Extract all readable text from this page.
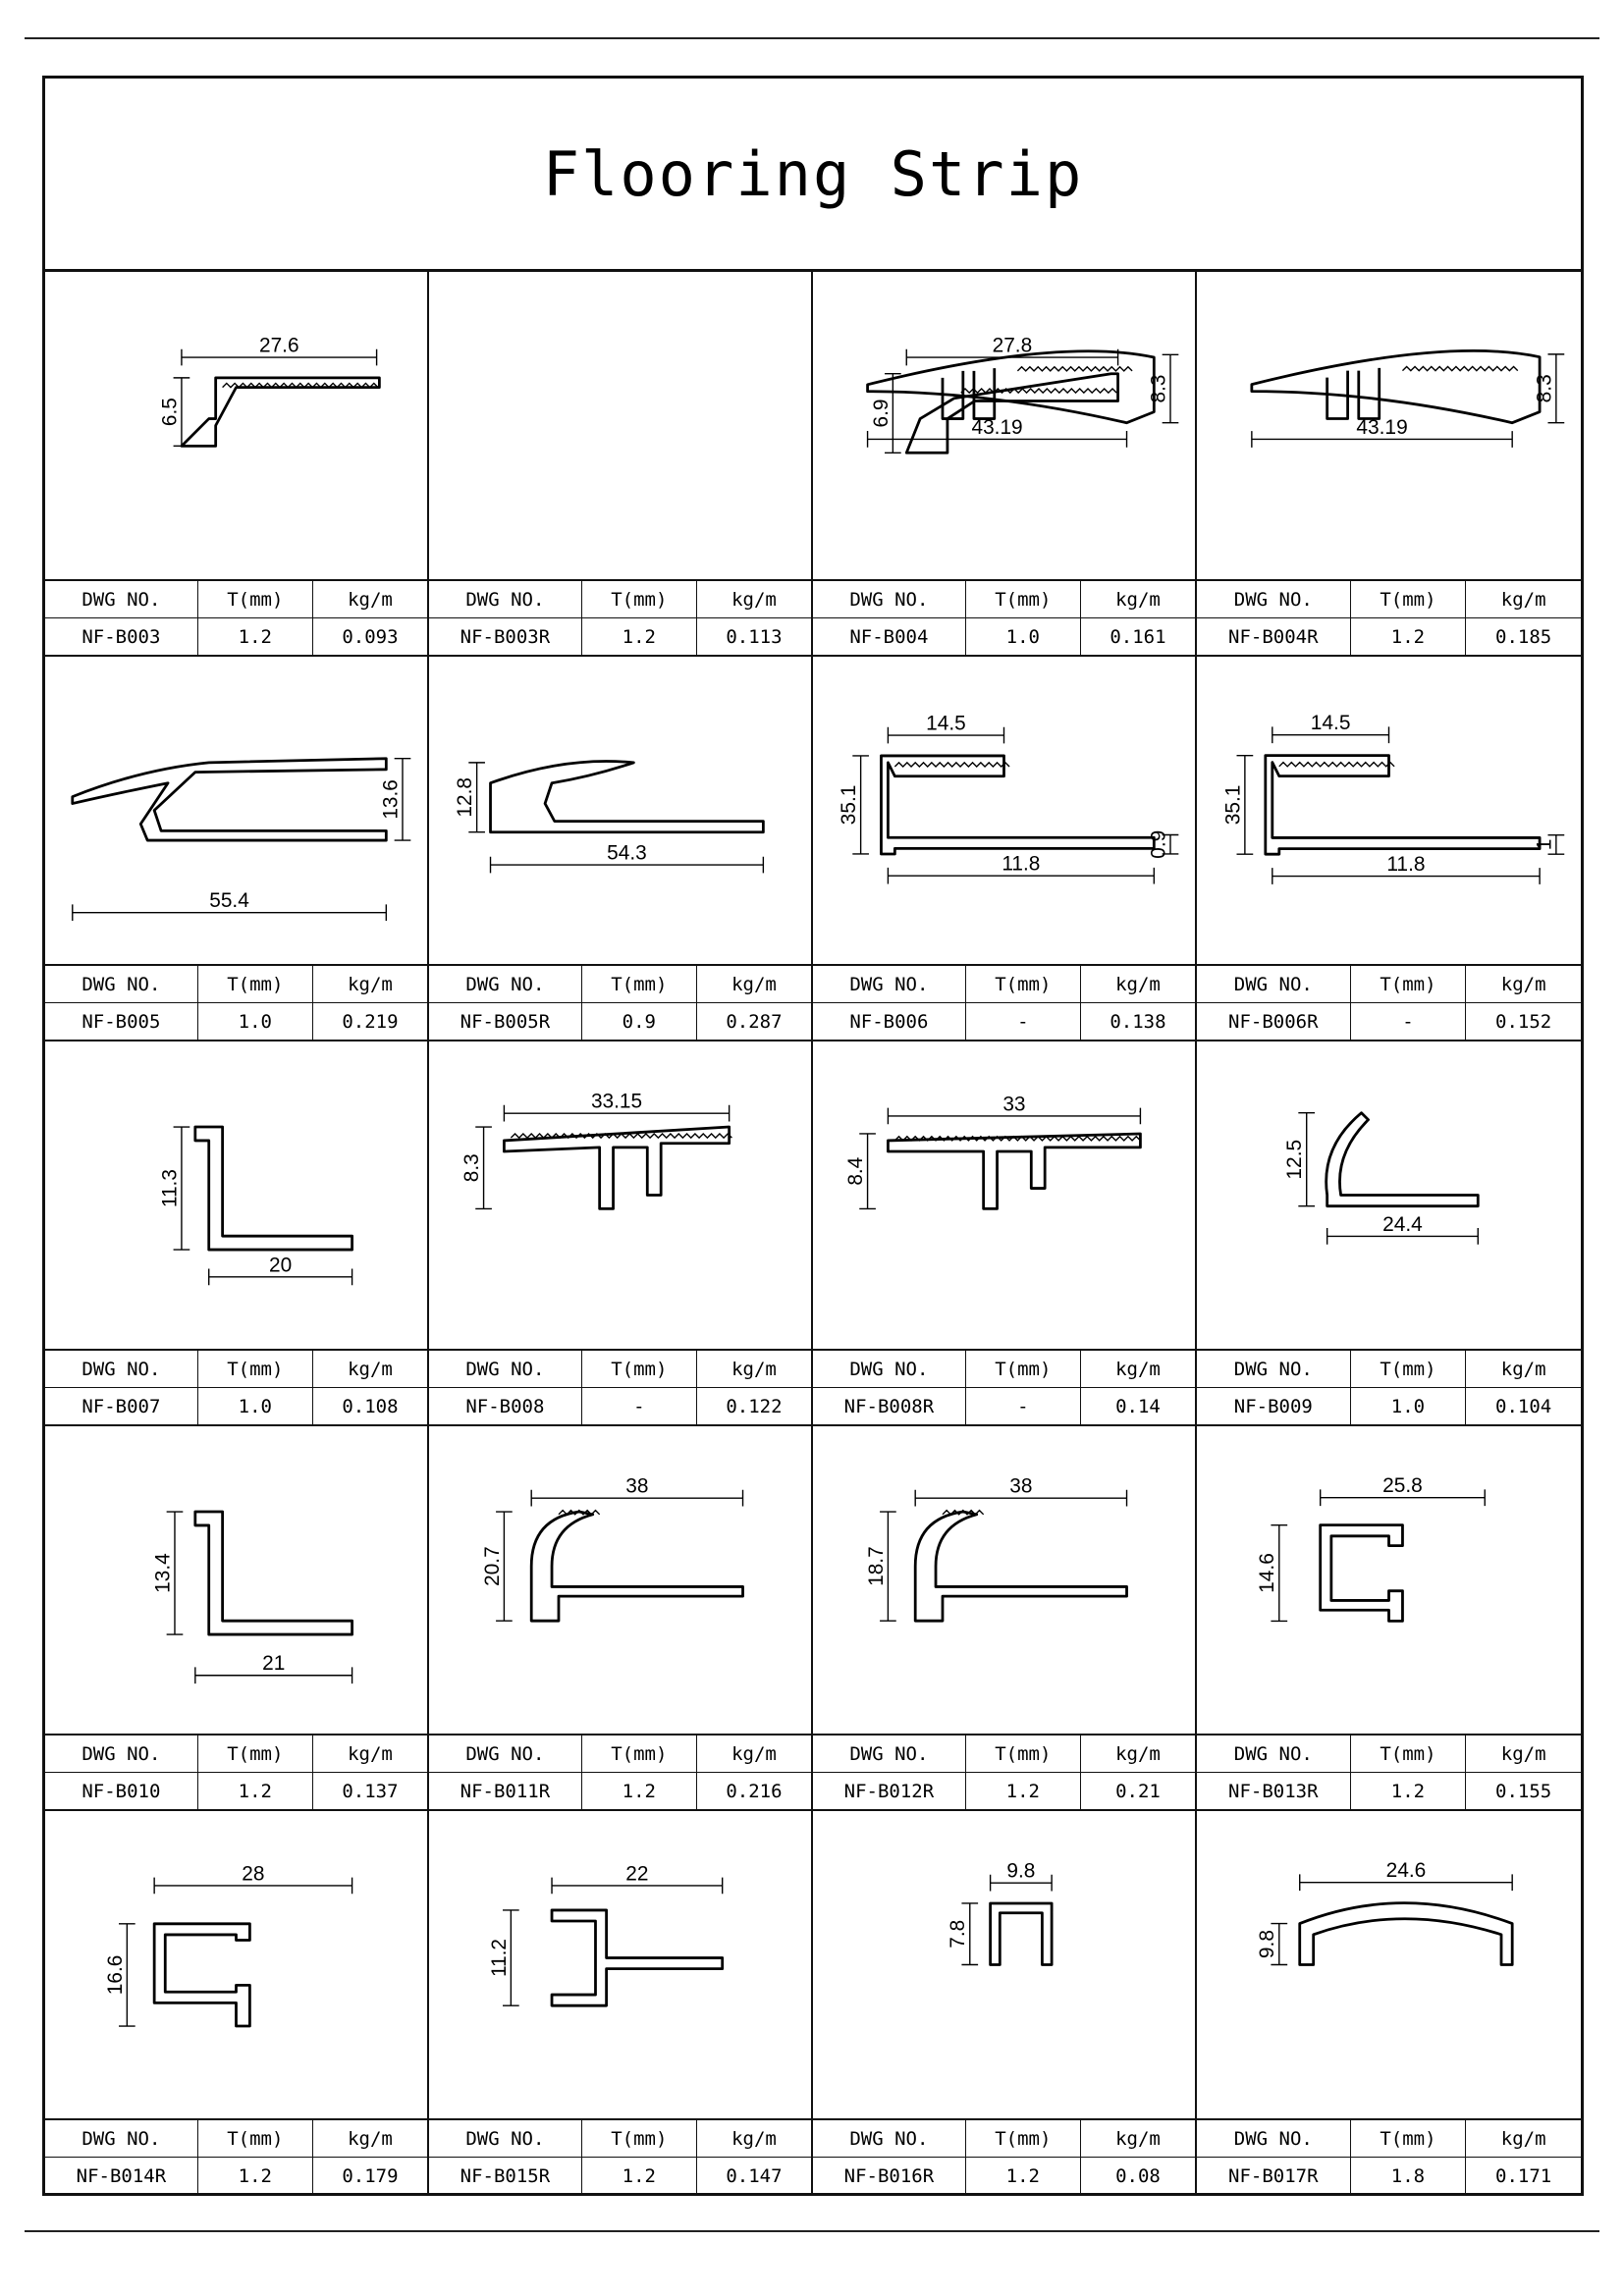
Flooring Strip
27.6
6.5
DWG NO.	T(mm)	kg/m
NF-B003	1.2	0.093
27.8
6.9
DWG NO.	T(mm)	kg/m
NF-B003R	1.2	0.113
43.19
8.3
DWG NO.	T(mm)	kg/m
NF-B004	1.0	0.161
43.19
8.3
DWG NO.	T(mm)	kg/m
NF-B004R	1.2	0.185
55.4
13.6
DWG NO.	T(mm)	kg/m
NF-B005	1.0	0.219
54.3
12.8
DWG NO.	T(mm)	kg/m
NF-B005R	0.9	0.287
14.5
11.8
35.1
0.9
DWG NO.	T(mm)	kg/m
NF-B006	-	0.138
14.5
11.8
35.1
1
DWG NO.	T(mm)	kg/m
NF-B006R	-	0.152
20
11.3
DWG NO.	T(mm)	kg/m
NF-B007	1.0	0.108
33.15
8.3
DWG NO.	T(mm)	kg/m
NF-B008	-	0.122
33
8.4
DWG NO.	T(mm)	kg/m
NF-B008R	-	0.14
24.4
12.5
DWG NO.	T(mm)	kg/m
NF-B009	1.0	0.104
21
13.4
DWG NO.	T(mm)	kg/m
NF-B010	1.2	0.137
38
20.7
DWG NO.	T(mm)	kg/m
NF-B011R	1.2	0.216
38
18.7
DWG NO.	T(mm)	kg/m
NF-B012R	1.2	0.21
25.8
14.6
DWG NO.	T(mm)	kg/m
NF-B013R	1.2	0.155
28
16.6
DWG NO.	T(mm)	kg/m
NF-B014R	1.2	0.179
22
11.2
DWG NO.	T(mm)	kg/m
NF-B015R	1.2	0.147
9.8
7.8
DWG NO.	T(mm)	kg/m
NF-B016R	1.2	0.08
24.6
9.8
DWG NO.	T(mm)	kg/m
NF-B017R	1.8	0.171
